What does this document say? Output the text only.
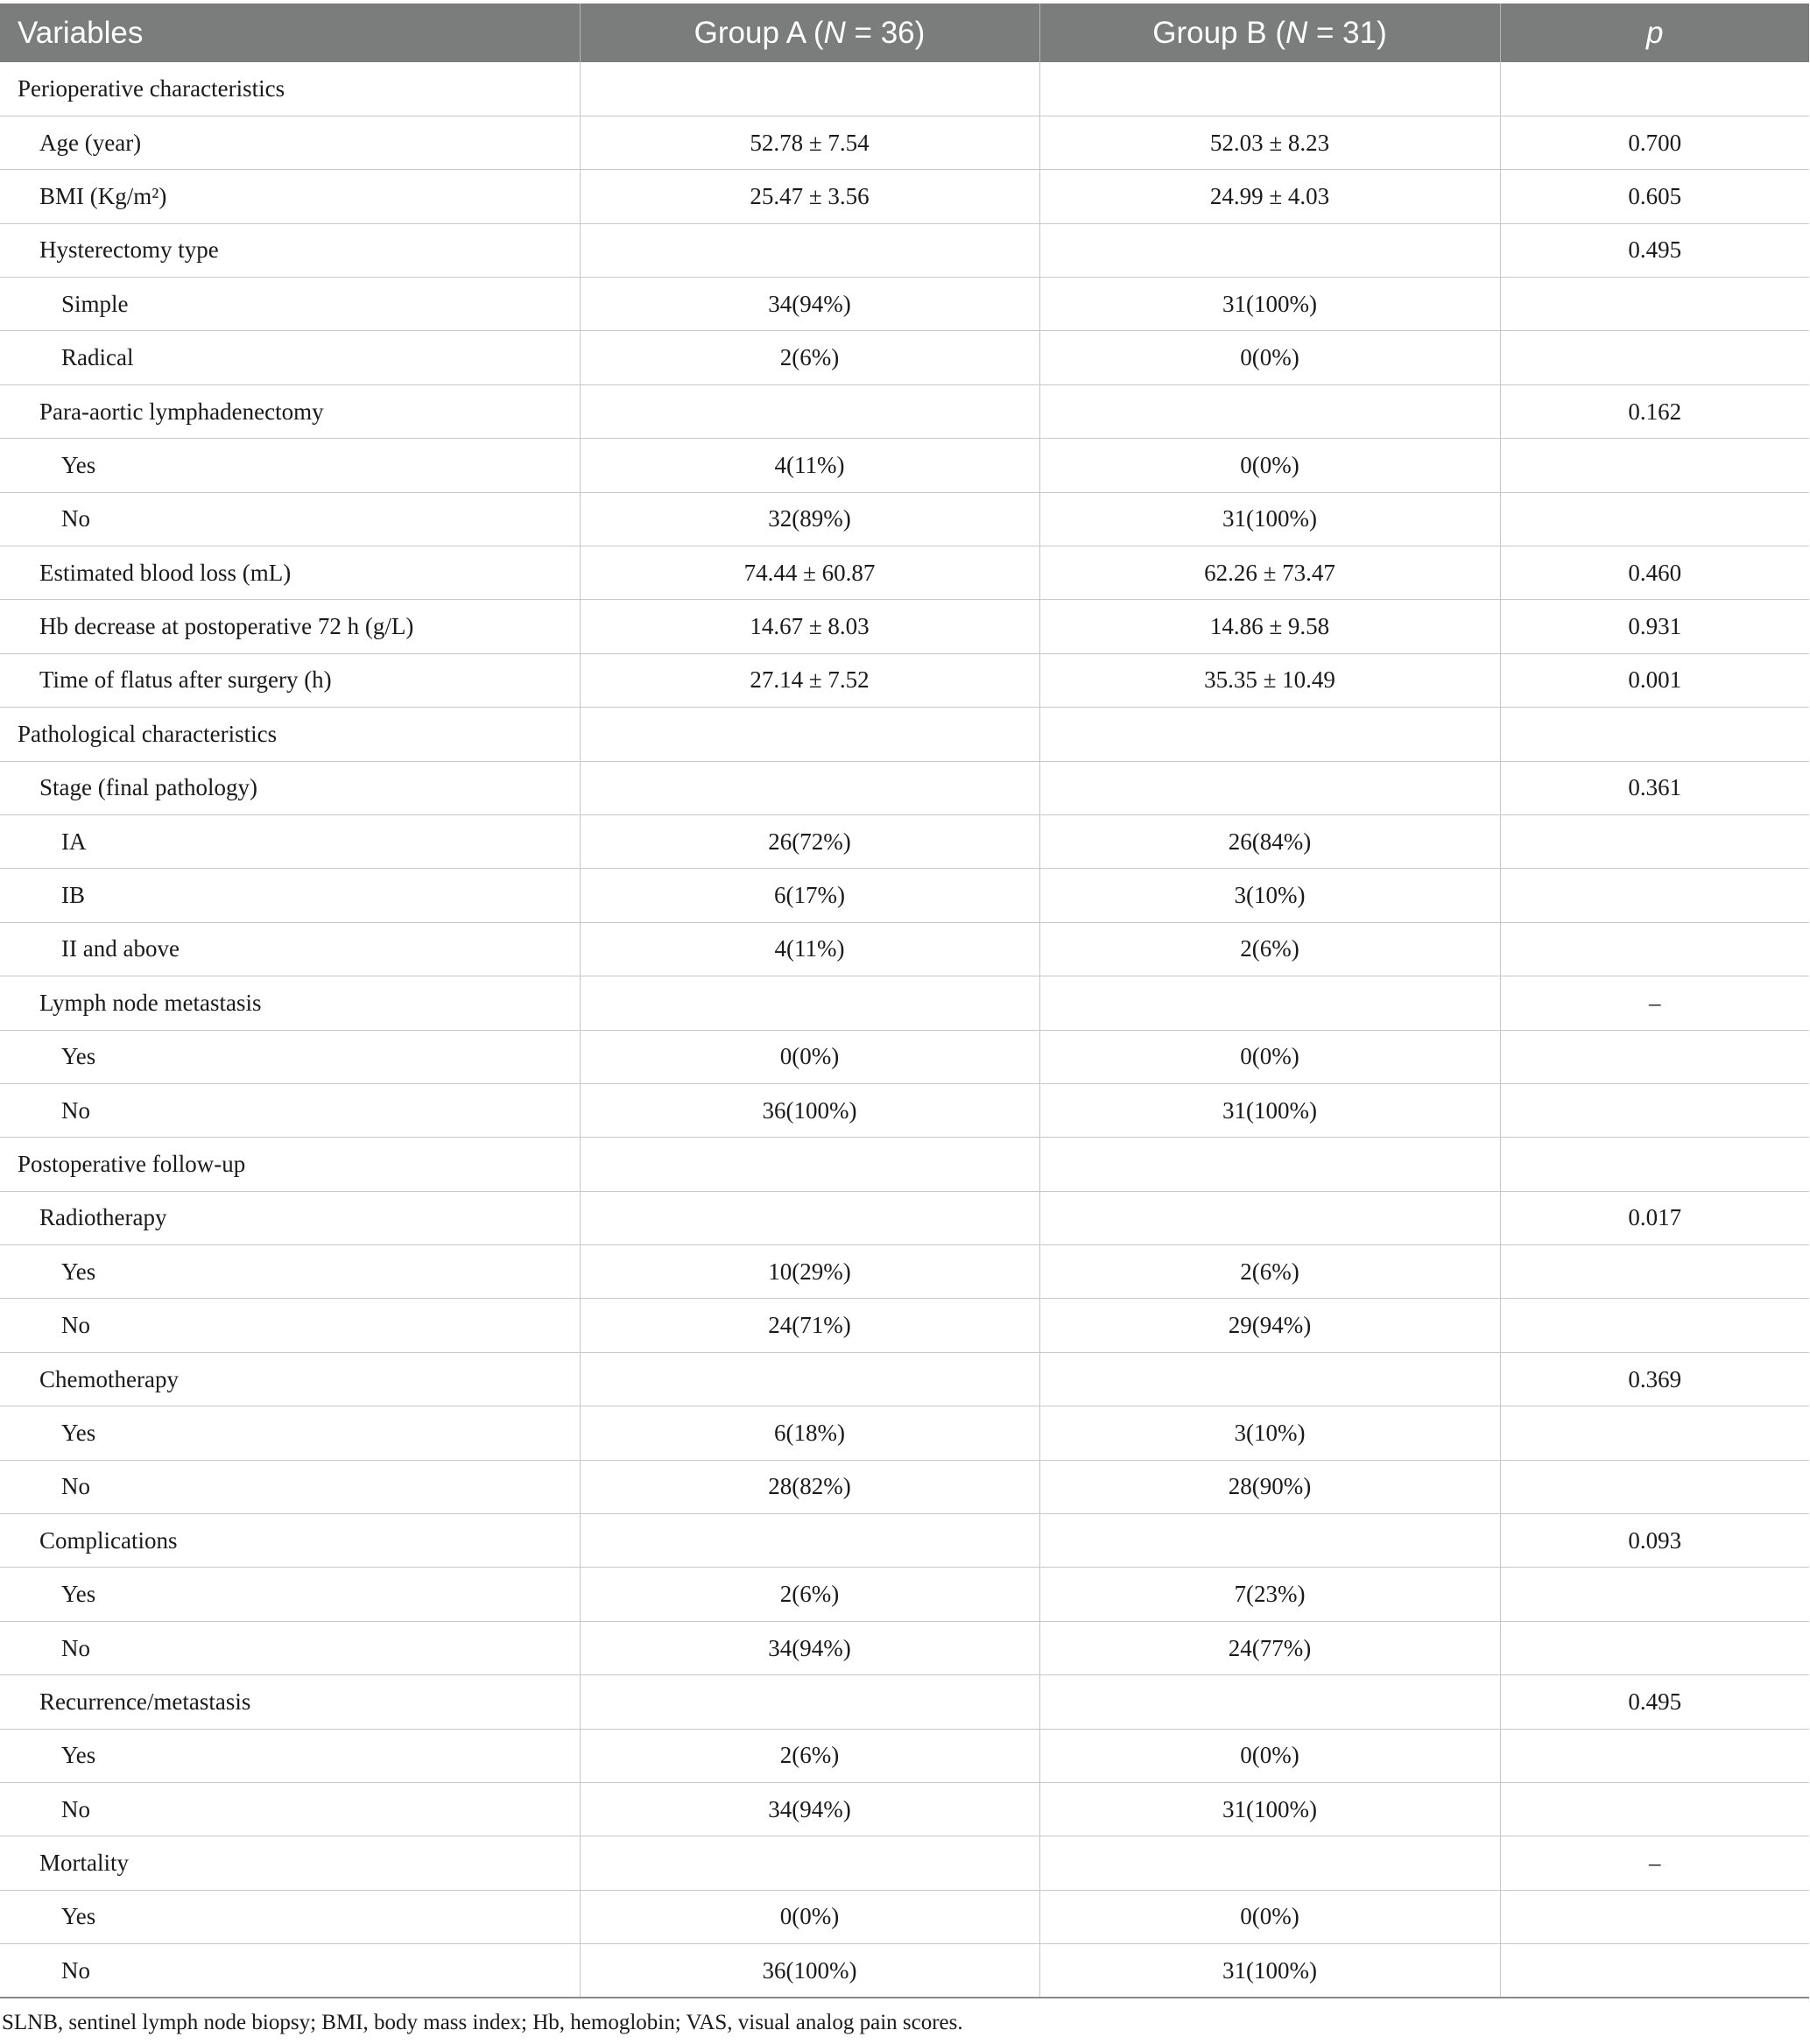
Variables	Group A (N = 36)	Group B (N = 31)	p
Perioperative characteristics			
Age (year)	52.78 ± 7.54	52.03 ± 8.23	0.700
BMI (Kg/m²)	25.47 ± 3.56	24.99 ± 4.03	0.605
Hysterectomy type			0.495
Simple	34(94%)	31(100%)	
Radical	2(6%)	0(0%)	
Para-aortic lymphadenectomy			0.162
Yes	4(11%)	0(0%)	
No	32(89%)	31(100%)	
Estimated blood loss (mL)	74.44 ± 60.87	62.26 ± 73.47	0.460
Hb decrease at postoperative 72 h (g/L)	14.67 ± 8.03	14.86 ± 9.58	0.931
Time of flatus after surgery (h)	27.14 ± 7.52	35.35 ± 10.49	0.001
Pathological characteristics			
Stage (final pathology)			0.361
IA	26(72%)	26(84%)	
IB	6(17%)	3(10%)	
II and above	4(11%)	2(6%)	
Lymph node metastasis			–
Yes	0(0%)	0(0%)	
No	36(100%)	31(100%)	
Postoperative follow-up			
Radiotherapy			0.017
Yes	10(29%)	2(6%)	
No	24(71%)	29(94%)	
Chemotherapy			0.369
Yes	6(18%)	3(10%)	
No	28(82%)	28(90%)	
Complications			0.093
Yes	2(6%)	7(23%)	
No	34(94%)	24(77%)	
Recurrence/metastasis			0.495
Yes	2(6%)	0(0%)	
No	34(94%)	31(100%)	
Mortality			–
Yes	0(0%)	0(0%)	
No	36(100%)	31(100%)	

SLNB, sentinel lymph node biopsy; BMI, body mass index; Hb, hemoglobin; VAS, visual analog pain scores.
